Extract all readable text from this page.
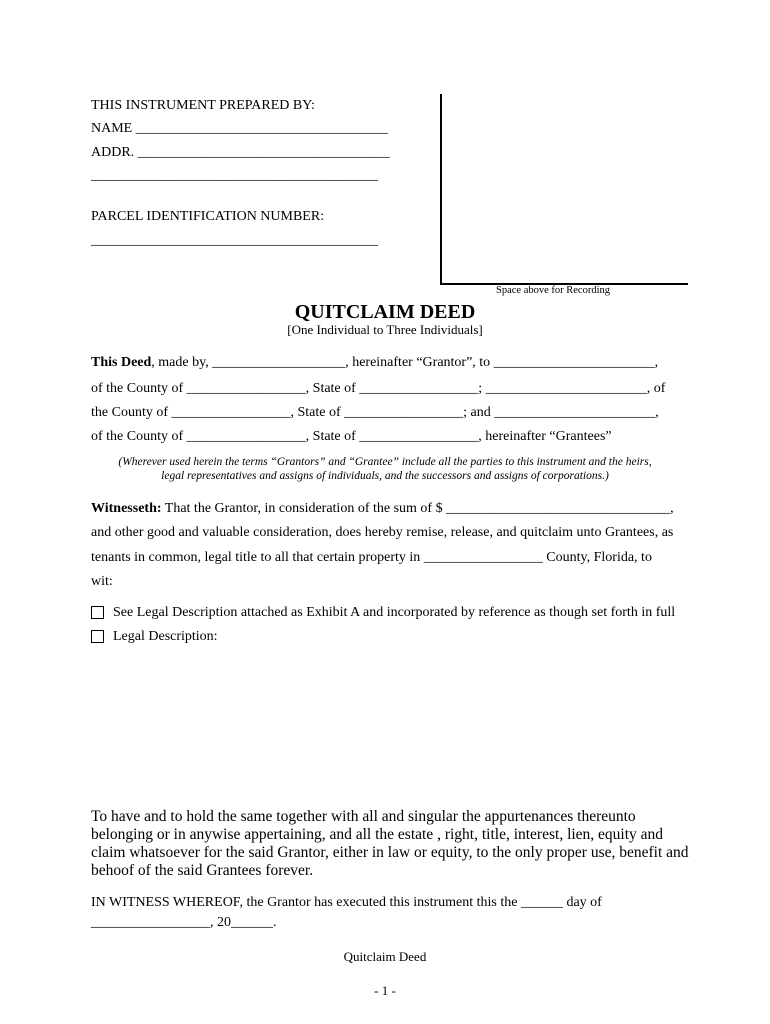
THIS INSTRUMENT PREPARED BY:

NAME ____________________________________

ADDR. ____________________________________

_________________________________________

PARCEL IDENTIFICATION NUMBER:

_________________________________________

Space above for Recording

QUITCLAIM DEED

[One Individual to Three Individuals]

This Deed, made by, ___________________, hereinafter “Grantor”, to _______________________,

of the County of _________________, State of _________________; _______________________, of

the County of _________________, State of _________________; and _______________________,

of the County of _________________, State of _________________, hereinafter “Grantees”

(Wherever used herein the terms “Grantors” and “Grantee” include all the parties to this instrument and the heirs,

legal representatives and assigns of individuals, and the successors and assigns of corporations.)

Witnesseth: That the Grantor, in consideration of the sum of $ ________________________________,

and other good and valuable consideration, does hereby remise, release, and quitclaim unto Grantees, as

tenants in common, legal title to all that certain property in _________________ County, Florida, to

wit:

See Legal Description attached as Exhibit A and incorporated by reference as though set forth in full

Legal Description:

To have and to hold the same together with all and singular the appurtenances thereunto

belonging or in anywise appertaining, and all the estate , right, title, interest, lien, equity and

claim whatsoever for the said Grantor, either in law or equity, to the only proper use, benefit and

behoof of the said Grantees forever.

IN WITNESS WHEREOF, the Grantor has executed this instrument this the ______ day of

_________________, 20______.

Quitclaim Deed

- 1 -
